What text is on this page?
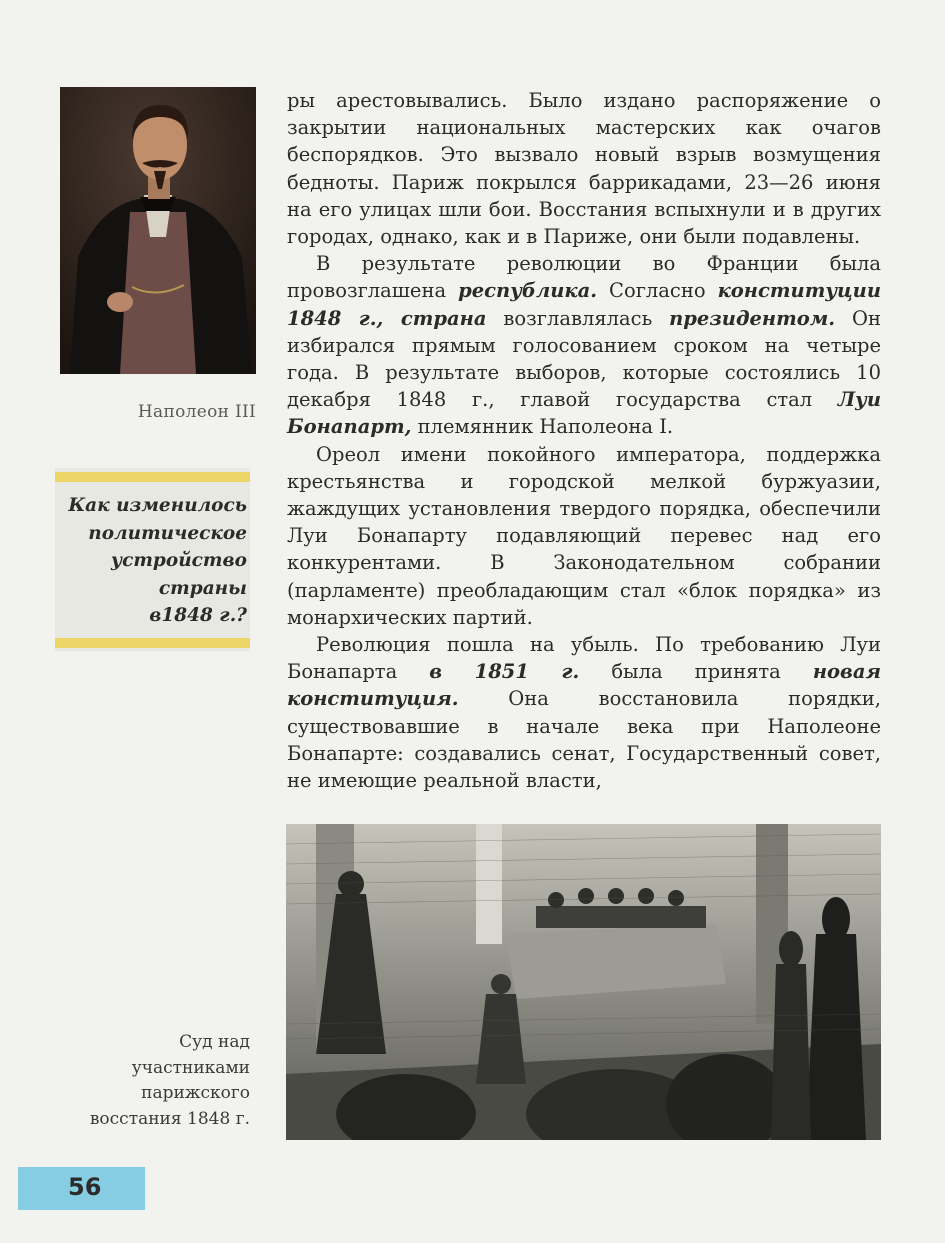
Наполеон III
Как изменилось
политическое
устройство
страны
в1848 г.?

ры арестовывались. Было издано распоряжение о закрытии национальных мастерских как очагов беспорядков. Это вызвало новый взрыв возмущения бедноты. Париж покрылся баррикадами, 23—26 июня на его улицах шли бои. Восстания вспыхнули и в других городах, однако, как и в Париже, они были подавлены.

В результате революции во Франции была провозглашена республика. Согласно конституции 1848 г., страна возглавлялась президентом. Он избирался прямым голосованием сроком на четыре года. В результате выборов, которые состоялись 10 декабря 1848 г., главой государства стал Луи Бонапарт, племянник Наполеона I.

Ореол имени покойного императора, поддержка крестьянства и городской мелкой буржуазии, жаждущих установления твердого порядка, обеспечили Луи Бонапарту подавляющий перевес над его конкурентами. В Законодательном собрании (парламенте) преобладающим стал «блок порядка» из монархических партий.

Революция пошла на убыль. По требованию Луи Бонапарта в 1851 г. была принята новая конституция. Она восстановила порядки, существовавшие в начале века при Наполеоне Бонапарте: создавались сенат, Государственный совет, не имеющие реальной власти,

Суд над
участниками
парижского
восстания 1848 г.
56
